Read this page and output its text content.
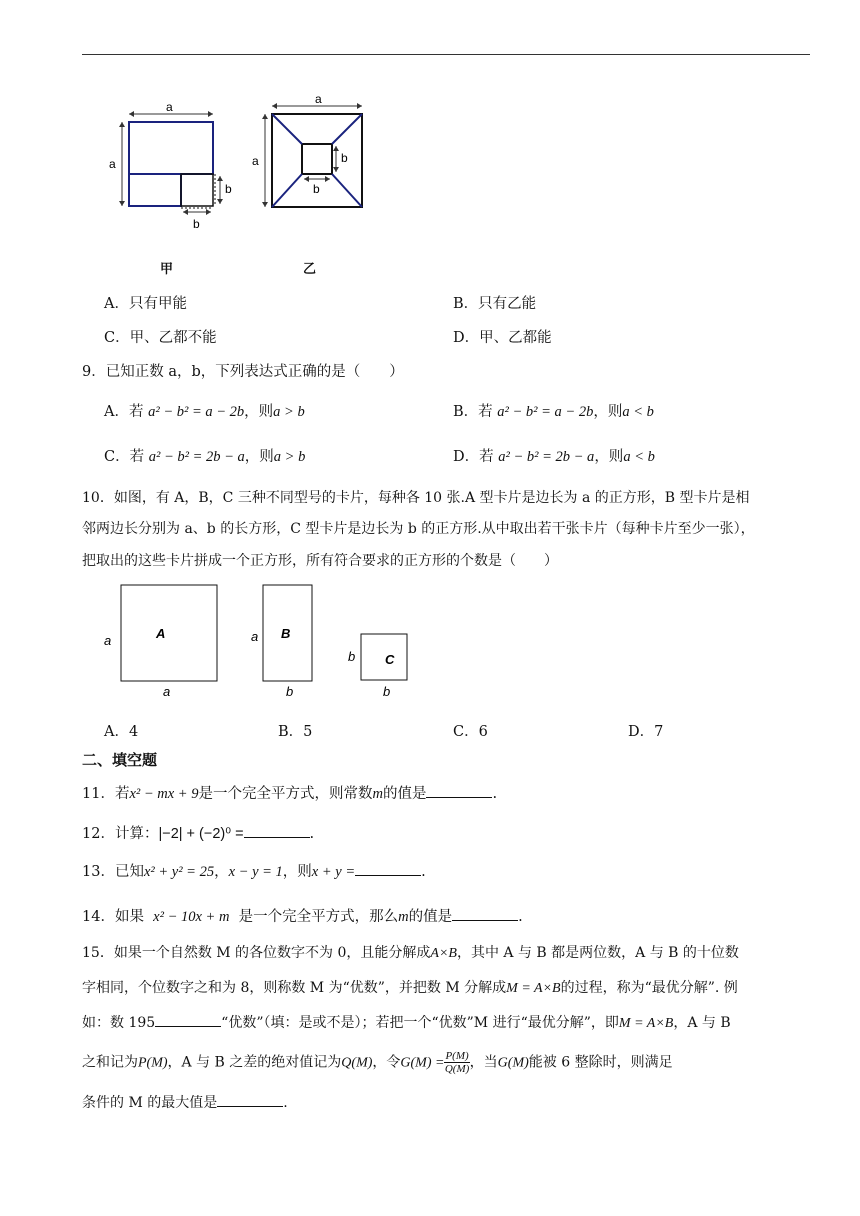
a
a
b
b
甲
a
a	b
b
乙
A．只有甲能	B．只有乙能
C．甲、乙都不能	D．甲、乙都能
9．已知正数 a，b，下列表达式正确的是（　　）
A．若 a² − b² = a − 2b，则a > b	B．若 a² − b² = a − 2b，则a < b
C．若 a² − b² = 2b − a，则a > b	D．若 a² − b² = 2b − a，则a < b
10．如图，有 A，B，C 三种不同型号的卡片，每种各 10 张.A 型卡片是边长为 a 的正方形，B 型卡片是相
邻两边长分别为 a、b 的长方形，C 型卡片是边长为 b 的正方形.从中取出若干张卡片（每种卡片至少一张），
把取出的这些卡片拼成一个正方形，所有符合要求的正方形的个数是（　　）
A
a
a
B
a
b
C
b
b
A．4	B．5	C．6	D．7
二、填空题
11．若x² − mx + 9是一个完全平方式，则常数m的值是	.
12．计算：|−2| + (−2)⁰ =	.
13．已知x² + y² = 25，x − y = 1，则x + y =	.
14．如果 x² − 10x + m 是一个完全平方式，那么m的值是	.
15．如果一个自然数 M 的各位数字不为 0，且能分解成A×B，其中 A 与 B 都是两位数，A 与 B 的十位数
字相同，个位数字之和为 8，则称数 M 为“优数”，并把数 M 分解成M = A×B的过程，称为“最优分解”. 例
如：数 195	“优数”（填：是或不是）；若把一个“优数”M 进行“最优分解”，即M = A×B，A 与 B
之和记为P(M)，A 与 B 之差的绝对值记为Q(M)，令$G(M) = \frac{P(M)}{Q(M)}$ ，当G(M)能被 6 整除时，则满足
条件的 M 的最大值是	.
